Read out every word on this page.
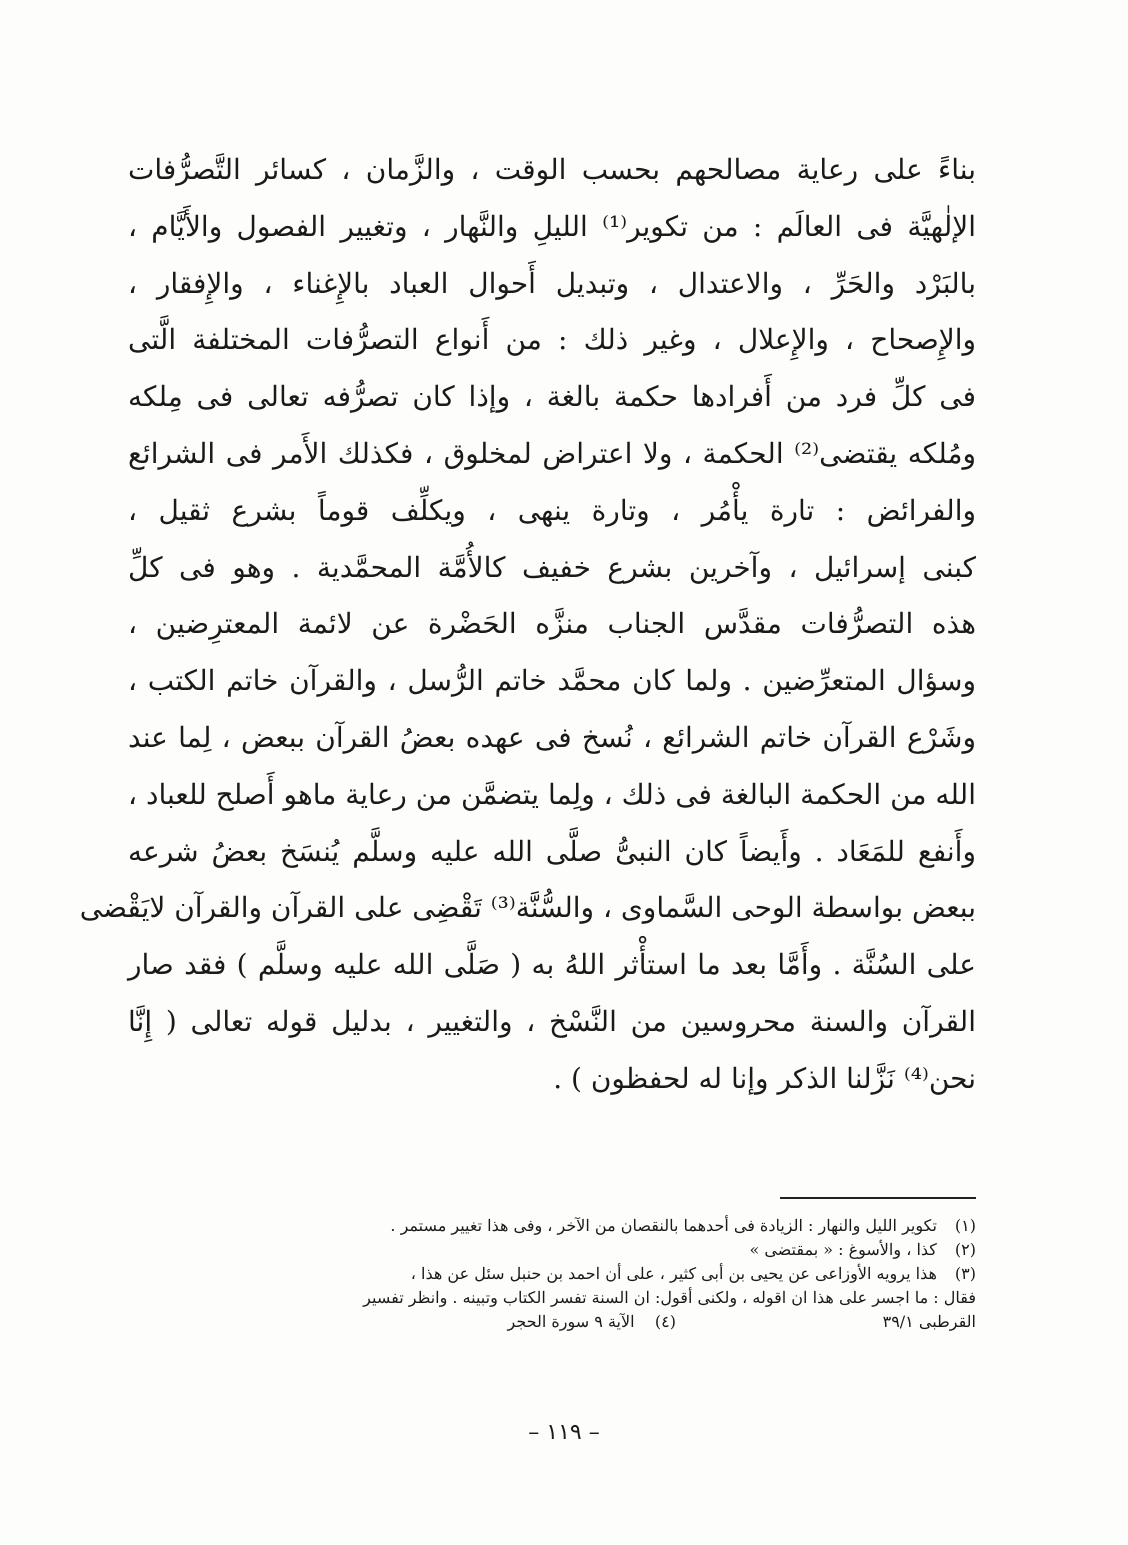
بناءً على رعاية مصالحهم بحسب الوقت ، والزَّمان ، كسائر التَّصرُّفات
الإلٰهيَّة فى العالَم : من تكوير⁽¹⁾ الليلِ والنَّهار ، وتغيير الفصول والأَيَّام ،
بالبَرْد والحَرِّ ، والاعتدال ، وتبديل أَحوال العباد بالإِغناء ، والإِفقار ،
والإِصحاح ، والإِعلال ، وغير ذلك : من أَنواع التصرُّفات المختلفة الَّتى
فى كلِّ فرد من أَفرادها حكمة بالغة ، وإذا كان تصرُّفه تعالى فى مِلكه
ومُلكه يقتضى⁽²⁾ الحكمة ، ولا اعتراض لمخلوق ، فكذلك الأَمر فى الشرائع
والفرائض : تارة يأْمُر ، وتارة ينهى ، ويكلِّف قوماً بشرع ثقيل ،
كبنى إسرائيل ، وآخرين بشرع خفيف كالأُمَّة المحمَّدية . وهو فى كلِّ
هذه التصرُّفات مقدَّس الجناب منزَّه الحَضْرة عن لائمة المعترِضين ،
وسؤال المتعرِّضين . ولما كان محمَّد خاتم الرُّسل ، والقرآن خاتم الكتب ،
وشَرْع القرآن خاتم الشرائع ، نُسخ فى عهده بعضُ القرآن ببعض ، لِما عند
الله من الحكمة البالغة فى ذلك ، ولِما يتضمَّن من رعاية ماهو أَصلح للعباد ،
وأَنفع للمَعَاد . وأَيضاً كان النبىُّ صلَّى الله عليه وسلَّم يُنسَخ بعضُ شرعه
ببعض بواسطة الوحى السَّماوى ، والسُّنَّة⁽³⁾ تَقْضِى على القرآن والقرآن لايَقْضى
على السُنَّة . وأَمَّا بعد ما استأْثر اللهُ به ( صَلَّى الله عليه وسلَّم ) فقد صار
القرآن والسنة محروسين من النَّسْخ ، والتغيير ، بدليل قوله تعالى ( إِنَّا
نحن⁽⁴⁾ نَزَّلنا الذكر وإنا له لحفظون ) .
(١) تكوير الليل والنهار : الزيادة فى أحدهما بالنقصان من الآخر ، وفى هذا تغيير مستمر .
(٢) كذا ، والأسوغ : « بمقتضى »
(٣) هذا يرويه الأوزاعى عن يحيى بن أبى كثير ، على أن احمد بن حنبل سئل عن هذا ،
فقال : ما اجسر على هذا ان اقوله ، ولكنى أقول: ان السنة تفسر الكتاب وتبينه . وانظر تفسير
القرطبى ٣٩/١
(٤)    الآية ٩ سورة الحجر
– ١١٩ –
